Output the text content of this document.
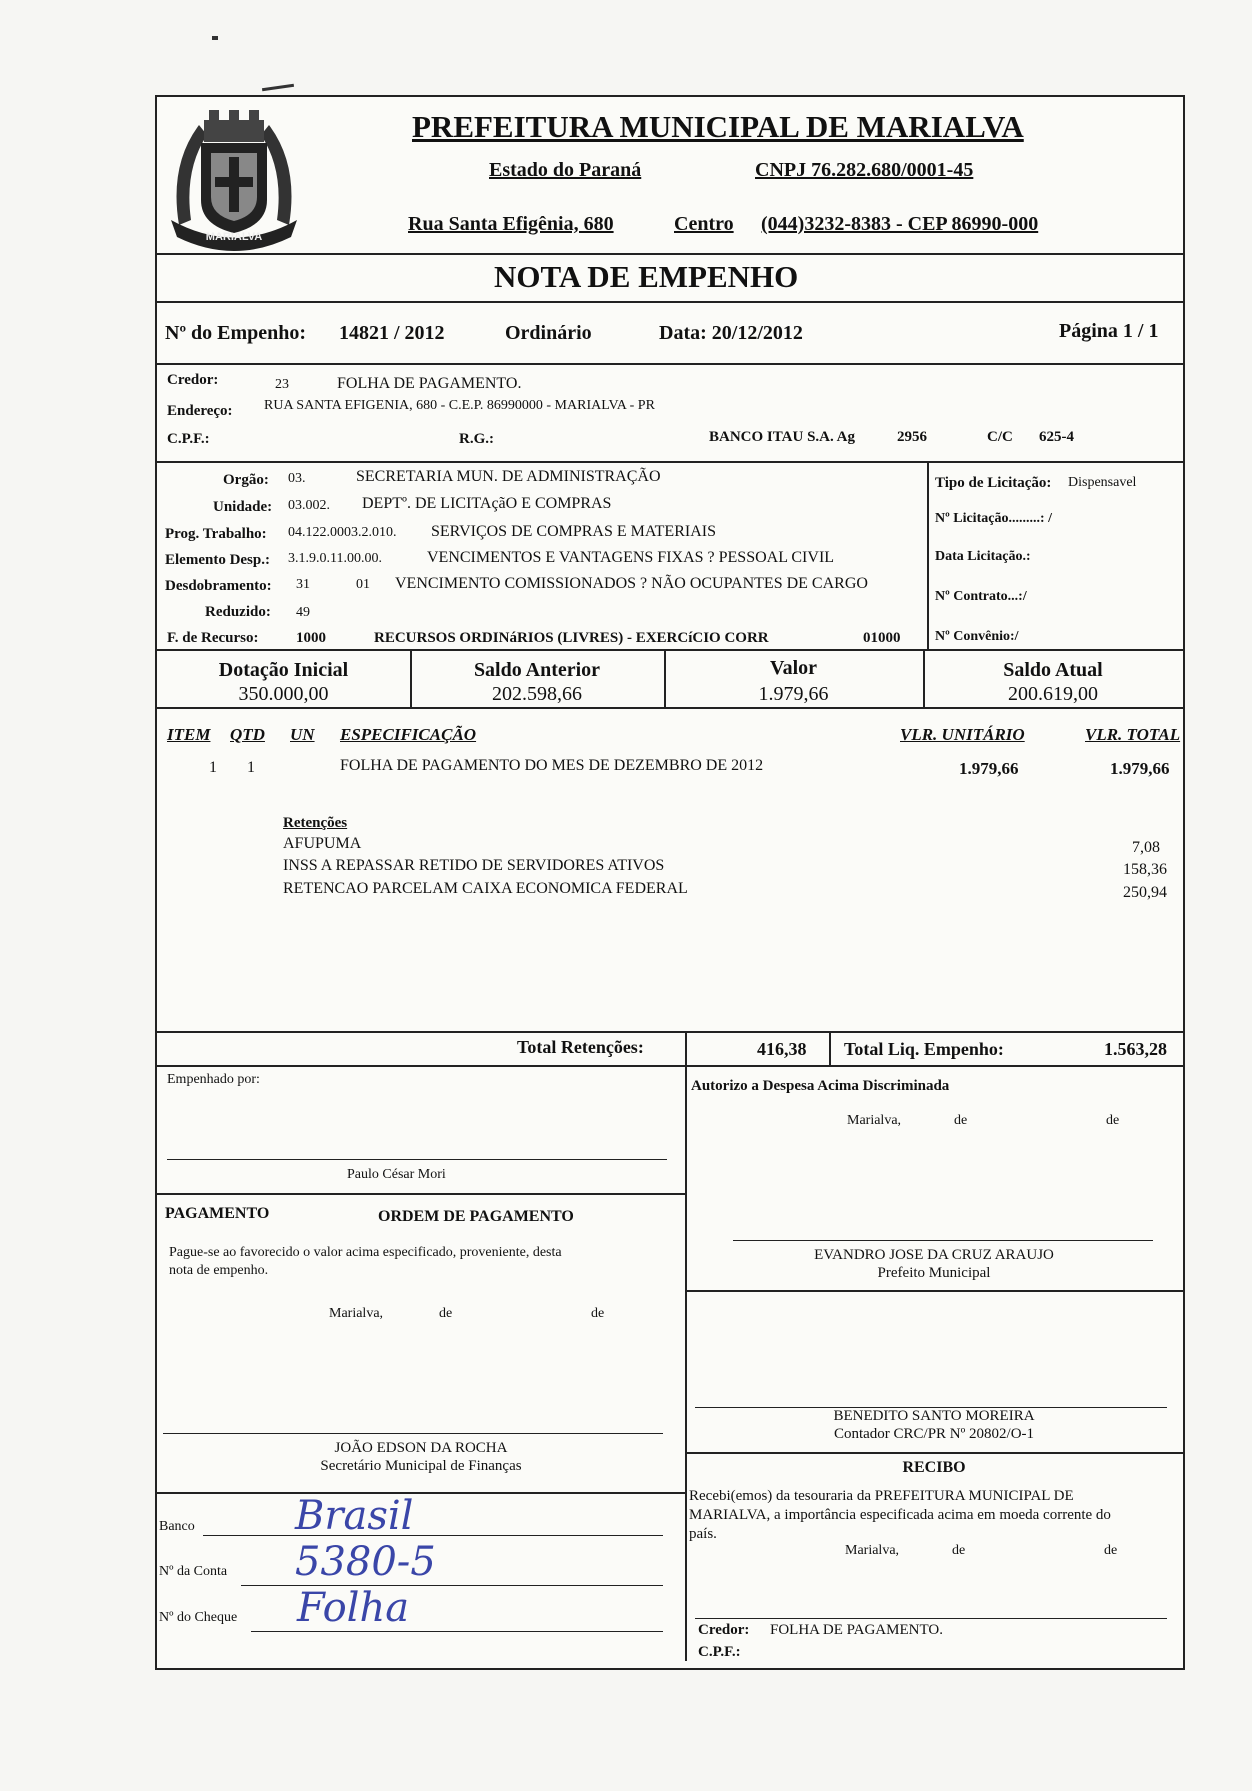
MARIALVA
PREFEITURA MUNICIPAL DE MARIALVA
Estado do Paraná	CNPJ 76.282.680/0001-45
Rua Santa Efigênia, 680	Centro (044)3232-8383 - CEP 86990-000
NOTA DE EMPENHO
Nº do Empenho: 14821 / 2012	Ordinário	Data: 20/12/2012	Página 1 / 1
Credor:	23	FOLHA DE PAGAMENTO.
Endereço: RUA SANTA EFIGENIA, 680 - C.E.P. 86990000 - MARIALVA - PR
C.P.F.:	R.G.:	BANCO ITAU S.A. Ag	2956	C/C 625-4
Orgão: 03.	SECRETARIA MUN. DE ADMINISTRAÇÃO
Unidade: 03.002. DEPTº. DE LICITAçãO E COMPRAS
Prog. Trabalho: 04.122.0003.2.010. SERVIÇOS DE COMPRAS E MATERIAIS
Elemento Desp.: 3.1.9.0.11.00.00.	VENCIMENTOS E VANTAGENS FIXAS ? PESSOAL CIVIL
Desdobramento: 31	01 VENCIMENTO COMISSIONADOS ? NÃO OCUPANTES DE CARGO
Reduzido: 49
F. de Recurso: 1000	RECURSOS ORDINáRIOS (LIVRES) - EXERCíCIO CORR	01000
Tipo de Licitação: Dispensavel
Nº Licitação.........: /
Data Licitação.:
Nº Contrato...:/
Nº Convênio:/
Dotação Inicial
350.000,00
Saldo Anterior
202.598,66
Valor
1.979,66
Saldo Atual
200.619,00
ITEM QTD UN ESPECIFICAÇÃO	VLR. UNITÁRIO	VLR. TOTAL
1 1	FOLHA DE PAGAMENTO DO MES DE DEZEMBRO DE 2012	1.979,66	1.979,66
Retenções
AFUPUMA	7,08
INSS A REPASSAR RETIDO DE SERVIDORES ATIVOS	158,36
RETENCAO PARCELAM CAIXA ECONOMICA FEDERAL	250,94
Total Retenções:	416,38 Total Liq. Empenho:	1.563,28
Empenhado por:
Paulo César Mori
Autorizo a Despesa Acima Discriminada
Marialva,	de	de
EVANDRO JOSE DA CRUZ ARAUJO
Prefeito Municipal
PAGAMENTO	ORDEM DE PAGAMENTO
Pague-se ao favorecido o valor acima especificado, proveniente, desta
nota de empenho.
Marialva,	de	de
JOÃO EDSON DA ROCHA
Secretário Municipal de Finanças
BENEDITO SANTO MOREIRA
Contador CRC/PR Nº 20802/O-1
RECIBO
Recebi(emos) da tesouraria da PREFEITURA MUNICIPAL DE
MARIALVA, a importância especificada acima em moeda corrente do
país.
Marialva,	de	de
Credor: FOLHA DE PAGAMENTO.
C.P.F.:
Banco	Brasil
Nº da Conta 5380-5
Nº do Cheque Folha
